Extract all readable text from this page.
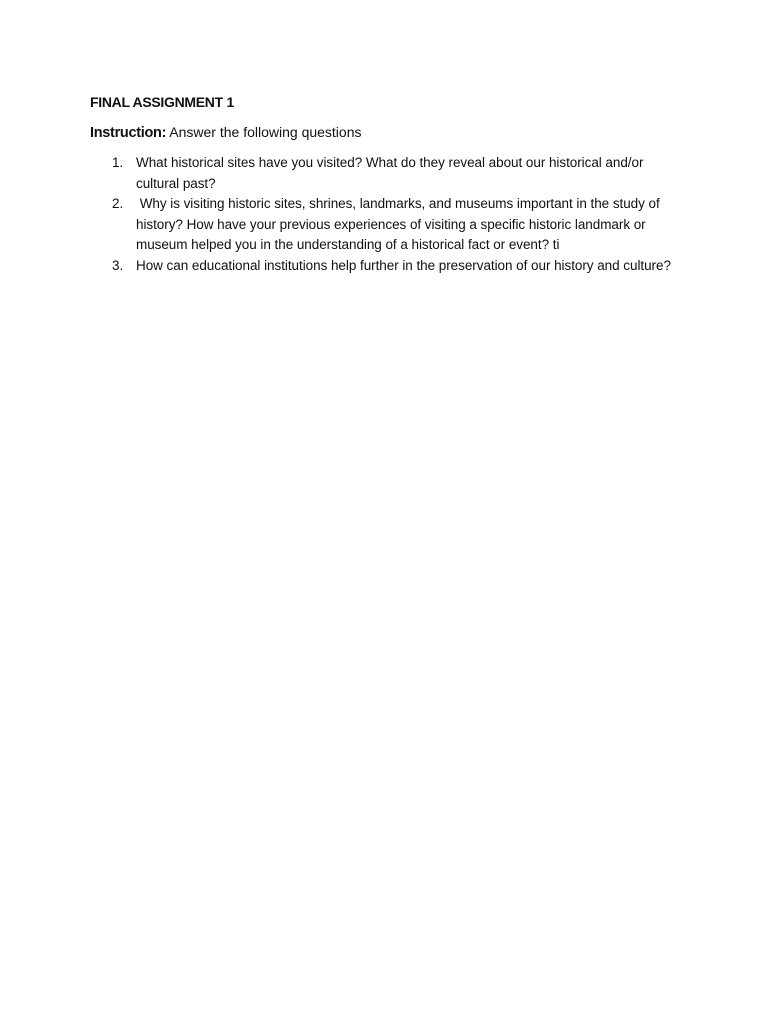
FINAL ASSIGNMENT 1
Instruction: Answer the following questions
1. What historical sites have you visited? What do they reveal about our historical and/or cultural past?
2. Why is visiting historic sites, shrines, landmarks, and museums important in the study of history? How have your previous experiences of visiting a specific historic landmark or museum helped you in the understanding of a historical fact or event? ti
3. How can educational institutions help further in the preservation of our history and culture?
